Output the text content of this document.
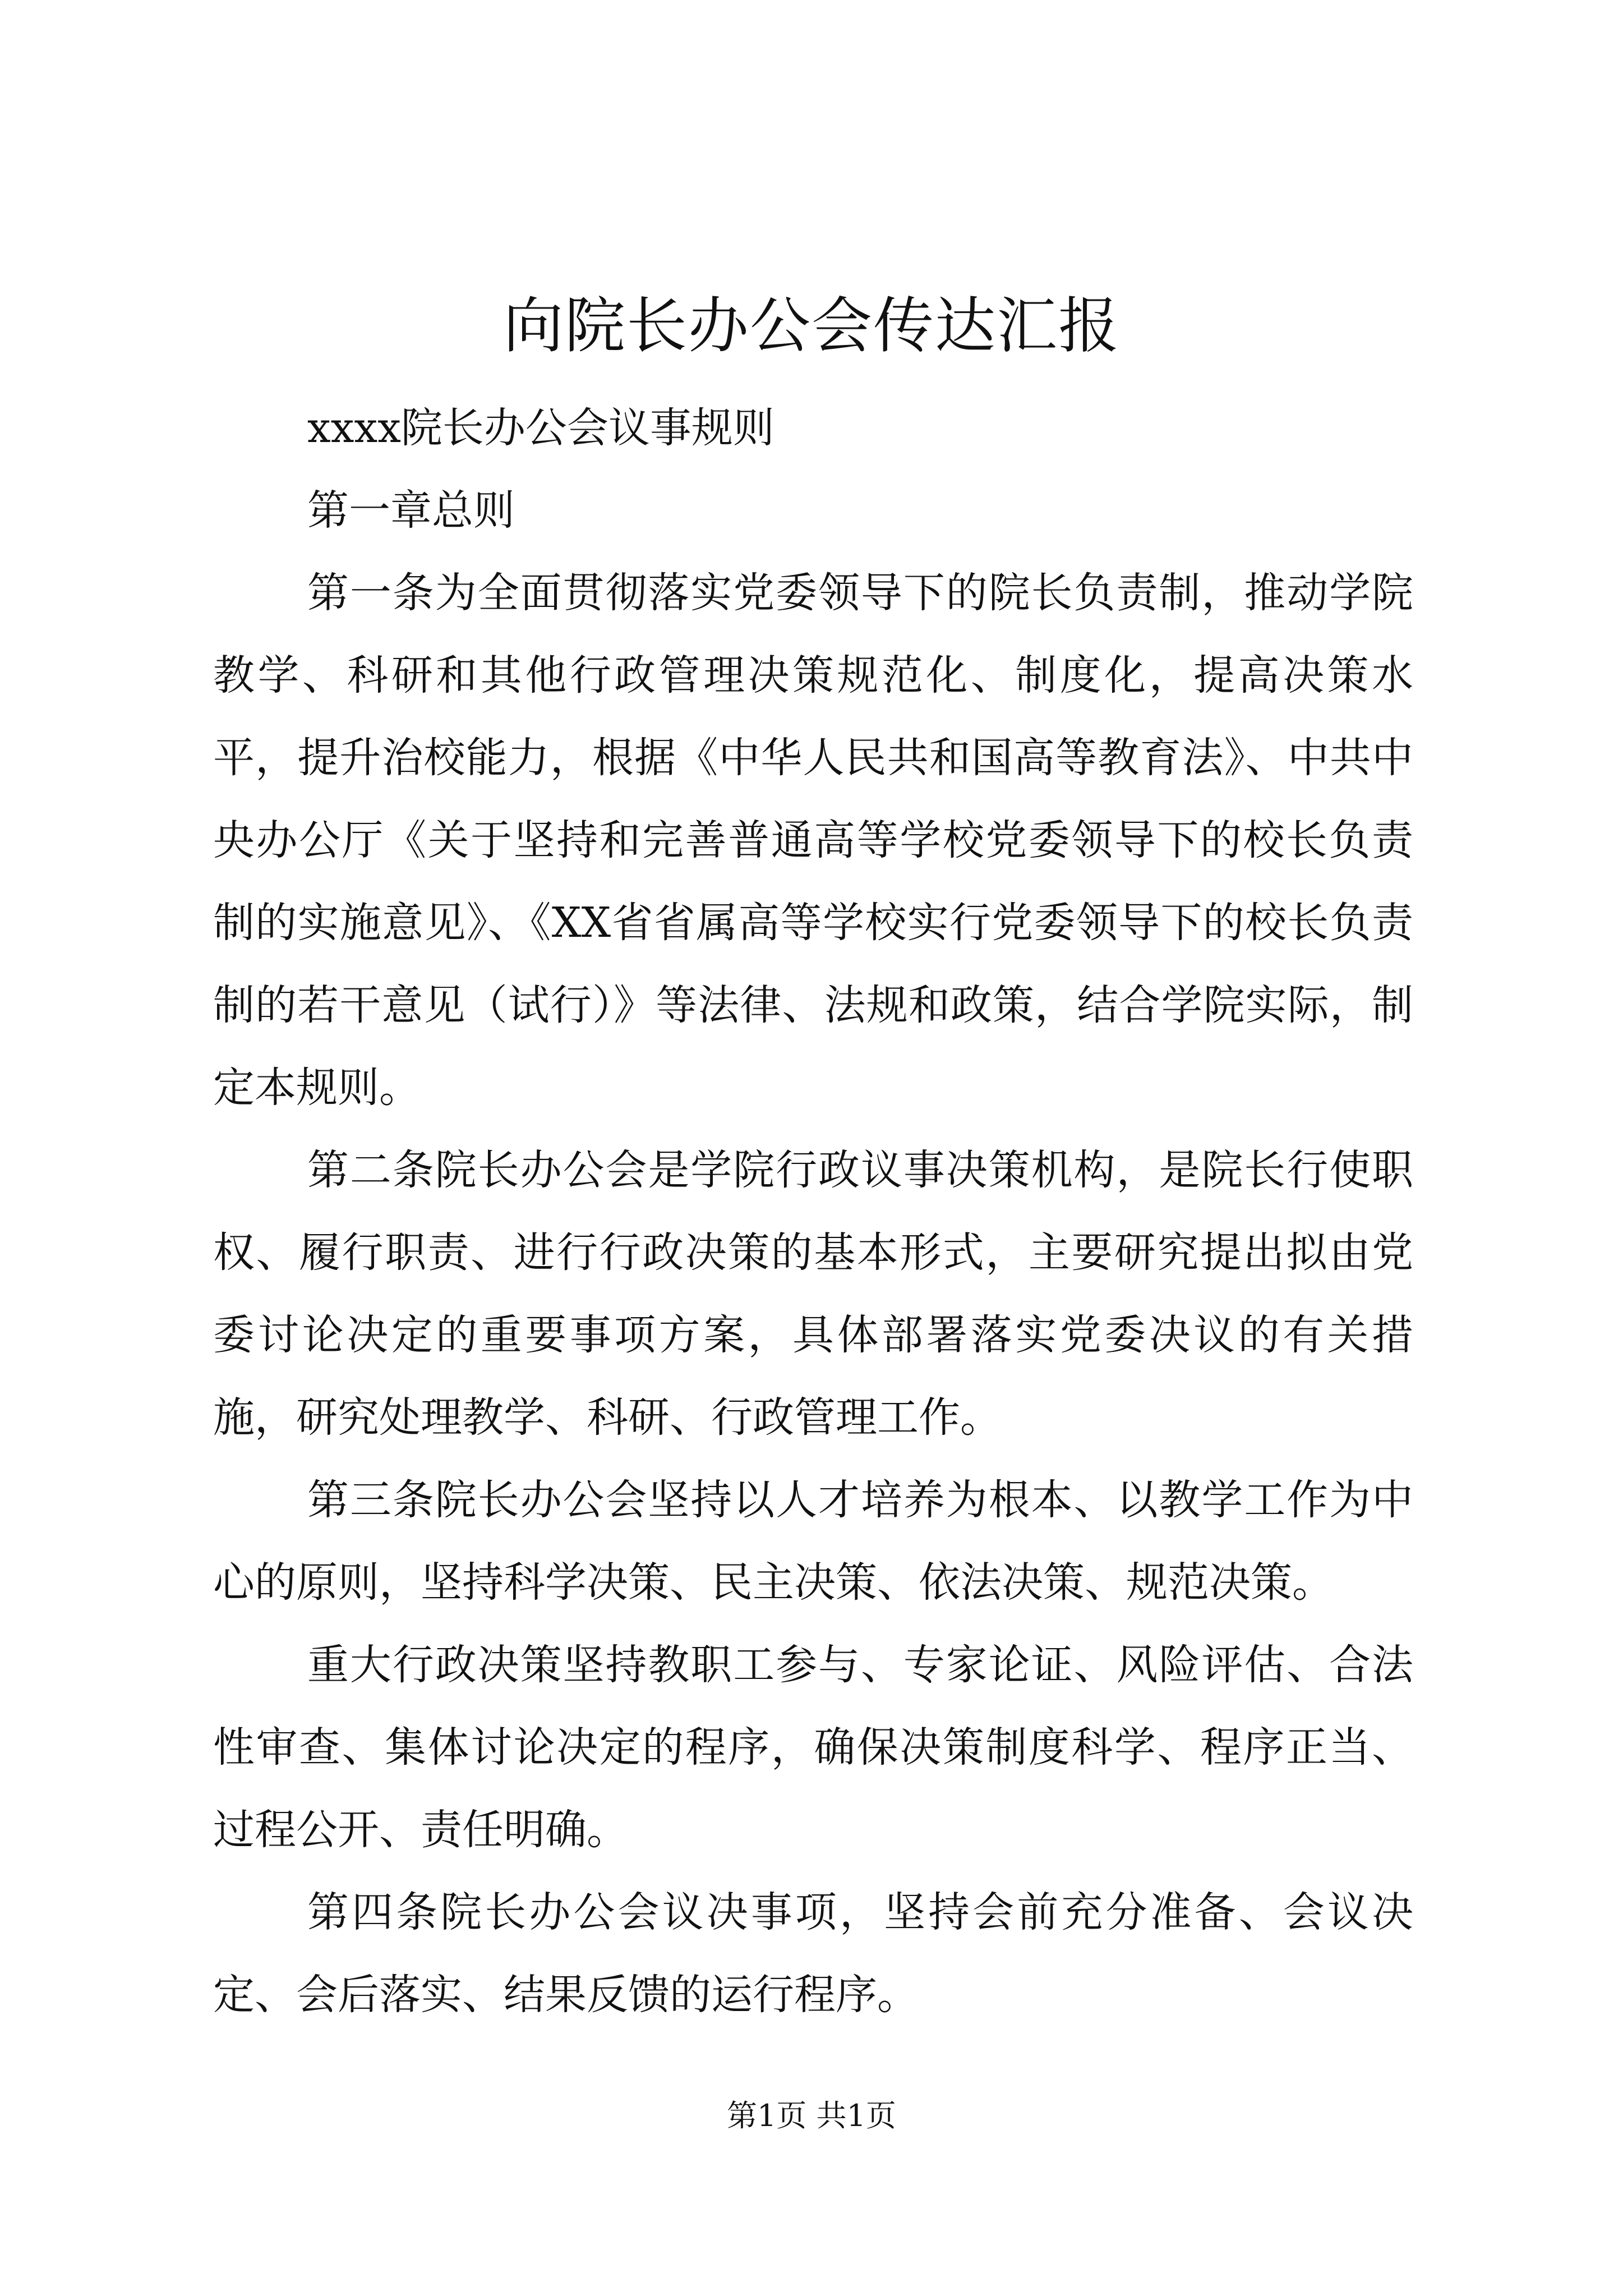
向院长办公会传达汇报

xxxx院长办公会议事规则

第一章总则

第一条为全面贯彻落实党委领导下的院长负责制，推动学院教学、科研和其他行政管理决策规范化、制度化，提高决策水平，提升治校能力，根据《中华人民共和国高等教育法》、中共中央办公厅《关于坚持和完善普通高等学校党委领导下的校长负责制的实施意见》、《XX省省属高等学校实行党委领导下的校长负责制的若干意见（试行）》等法律、法规和政策，结合学院实际，制定本规则。

第二条院长办公会是学院行政议事决策机构，是院长行使职权、履行职责、进行行政决策的基本形式，主要研究提出拟由党委讨论决定的重要事项方案，具体部署落实党委决议的有关措施，研究处理教学、科研、行政管理工作。

第三条院长办公会坚持以人才培养为根本、以教学工作为中心的原则，坚持科学决策、民主决策、依法决策、规范决策。

重大行政决策坚持教职工参与、专家论证、风险评估、合法性审查、集体讨论决定的程序，确保决策制度科学、程序正当、过程公开、责任明确。

第四条院长办公会议决事项，坚持会前充分准备、会议决定、会后落实、结果反馈的运行程序。

第1页 共1页
